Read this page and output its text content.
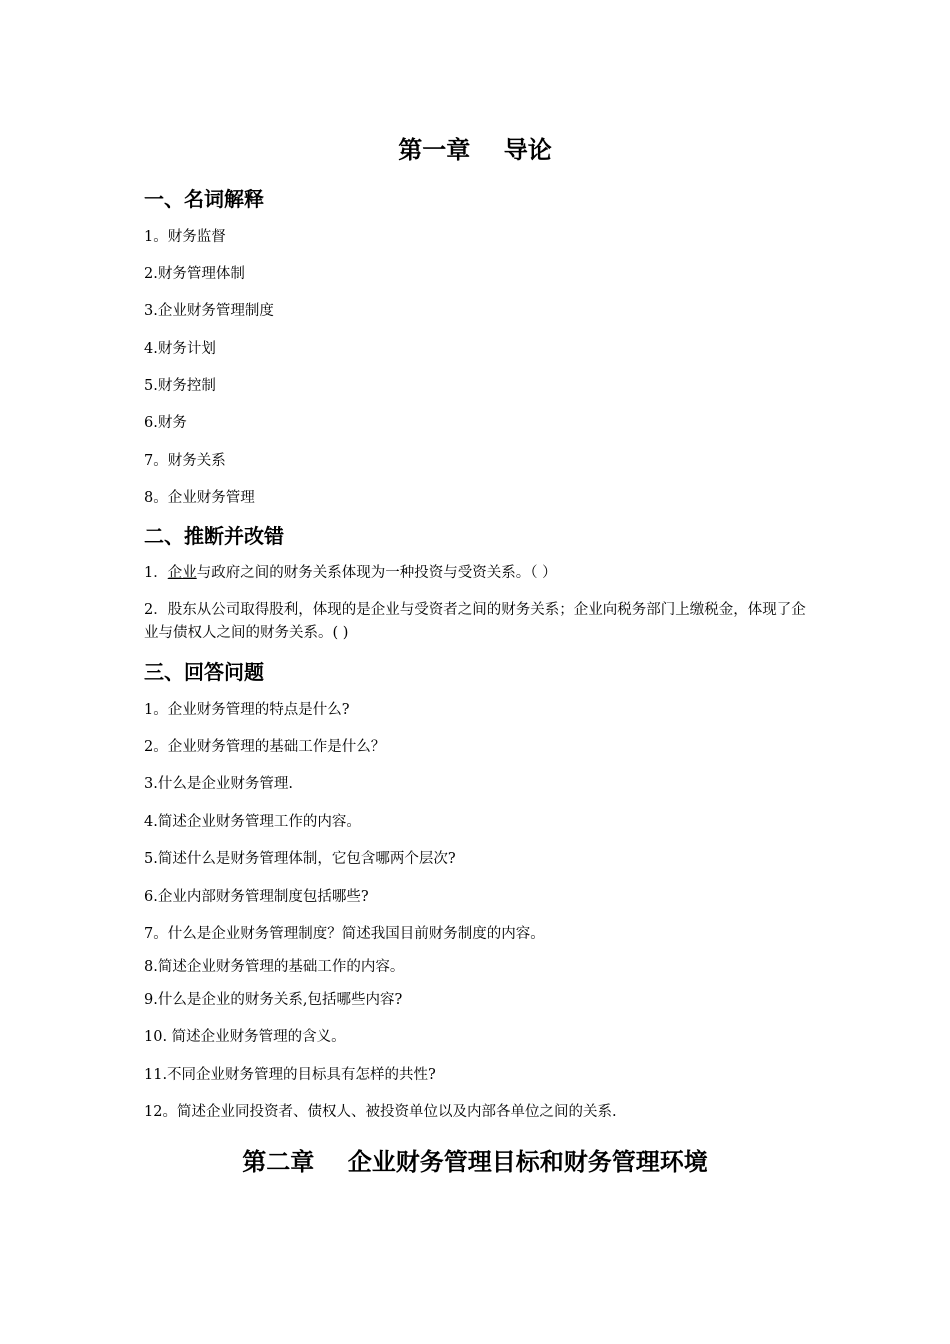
第一章    导论
一、名词解释

1。财务监督

2.财务管理体制

3.企业财务管理制度

4.财务计划

5.财务控制

6.财务

7。财务关系

8。企业财务管理

二、推断并改错

1．企业与政府之间的财务关系体现为一种投资与受资关系。（ ）

2．股东从公司取得股利，体现的是企业与受资者之间的财务关系；企业向税务部门上缴税金，体现了企业与债权人之间的财务关系。( )

三、回答问题

1。企业财务管理的特点是什么?

2。企业财务管理的基础工作是什么？

3.什么是企业财务管理.

4.简述企业财务管理工作的内容。

5.简述什么是财务管理体制，它包含哪两个层次?

6.企业内部财务管理制度包括哪些?

7。什么是企业财务管理制度？简述我国目前财务制度的内容。

8.简述企业财务管理的基础工作的内容。

9.什么是企业的财务关系,包括哪些内容?

10. 简述企业财务管理的含义。

11.不同企业财务管理的目标具有怎样的共性?

12。简述企业同投资者、债权人、被投资单位以及内部各单位之间的关系.

第二章    企业财务管理目标和财务管理环境
